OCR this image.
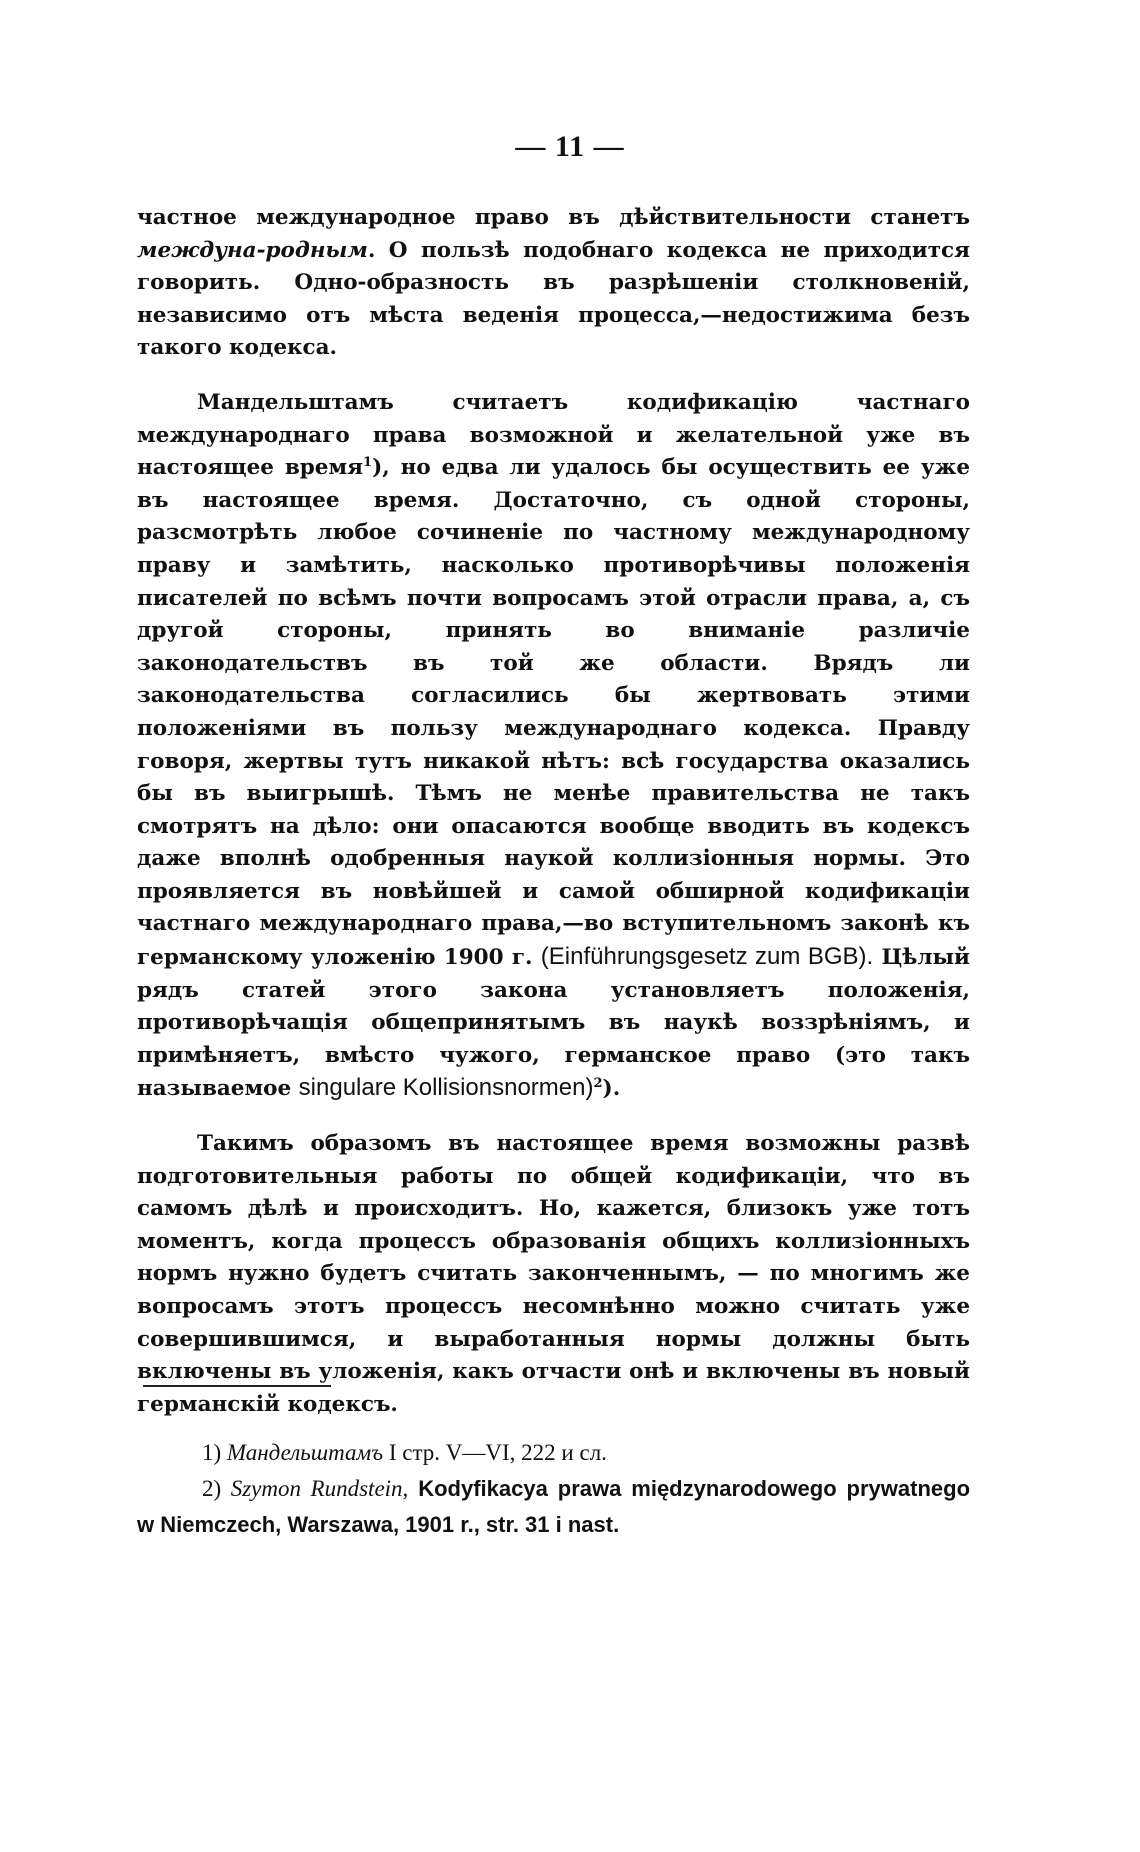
— 11 —

частное международное право въ дѣйствительности станетъ междуна-родным. О пользѣ подобнаго кодекса не приходится говорить. Одно-образность въ разрѣшеніи столкновеній, независимо отъ мѣста веденія процесса,—недостижима безъ такого кодекса.

Мандельштамъ считаетъ кодификацію частнаго международнаго права возможной и желательной уже въ настоящее время$^1$), но едва ли удалось бы осуществить ее уже въ настоящее время. Достаточно, съ одной стороны, разсмотрѣть любое сочиненіе по частному международному праву и замѣтить, насколько противорѣчивы положенія писателей по всѣмъ почти вопросамъ этой отрасли права, а, съ другой стороны, принять во вниманіе различіе законодательствъ въ той же области. Врядъ ли законодательства согласились бы жертвовать этими положеніями въ пользу международнаго кодекса. Правду говоря, жертвы тутъ никакой нѣтъ: всѣ государства оказались бы въ выигрышѣ. Тѣмъ не менѣе правительства не такъ смотрятъ на дѣло: они опасаются вообще вводить въ кодексъ даже вполнѣ одобренныя наукой коллизіонныя нормы. Это проявляется въ новѣйшей и самой обширной кодификаціи частнаго международнаго права,—во вступительномъ законѣ къ германскому уложенію 1900 г. (Einführungsgesetz zum BGB). Цѣлый рядъ статей этого закона установляетъ положенія, противорѣчащія общепринятымъ въ наукѣ воззрѣніямъ, и примѣняетъ, вмѣсто чужого, германское право (это такъ называемое singulare Kollisionsnormen)$^2$).

Такимъ образомъ въ настоящее время возможны развѣ подготовительныя работы по общей кодификаціи, что въ самомъ дѣлѣ и происходитъ. Но, кажется, близокъ уже тотъ моментъ, когда процессъ образованія общихъ коллизіонныхъ нормъ нужно будетъ считать законченнымъ, — по многимъ же вопросамъ этотъ процессъ несомнѣнно можно считать уже совершившимся, и выработанныя нормы должны быть включены въ уложенія, какъ отчасти онѣ и включены въ новый германскій кодексъ.

1) Мандельштамъ I стр. V—VI, 222 и сл.

2) Szymon Rundstein, Kodyfikacya prawa międzynarodowego prywatnego w Niemczech, Warszawa, 1901 r., str. 31 i nast.
